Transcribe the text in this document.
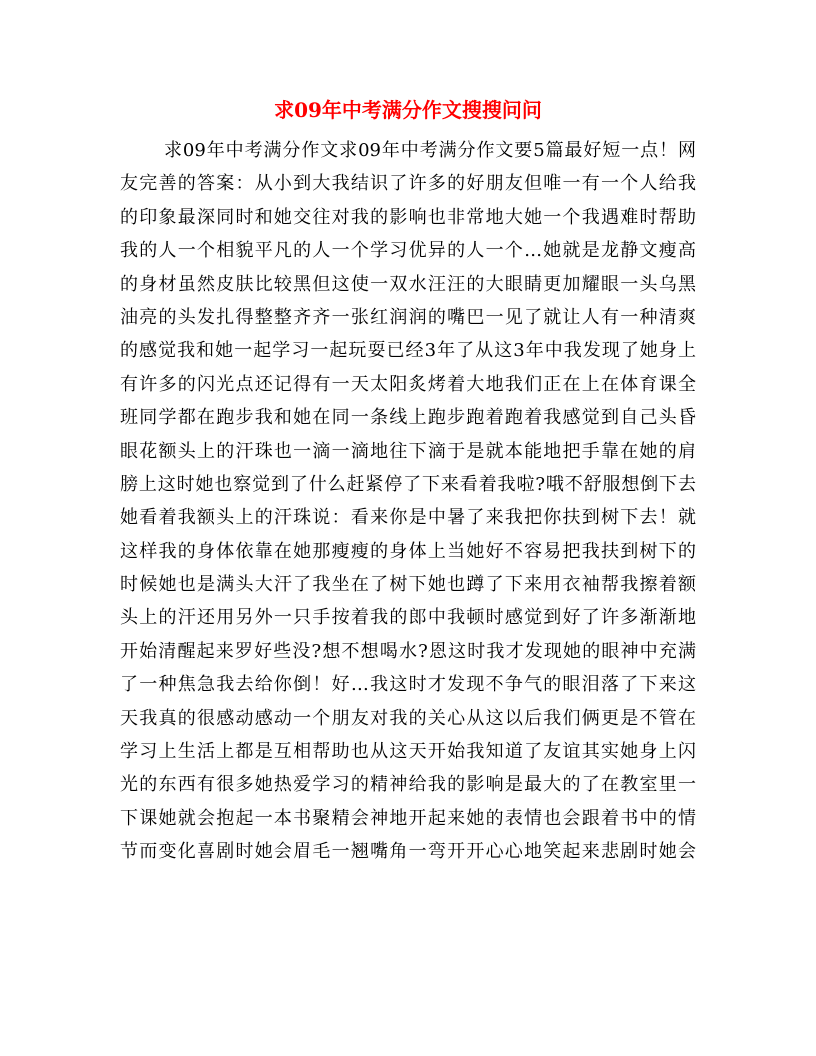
求09年中考满分作文搜搜问问
求09年中考满分作文求09年中考满分作文要5篇最好短一点！网
友完善的答案：从小到大我结识了许多的好朋友但唯一有一个人给我
的印象最深同时和她交往对我的影响也非常地大她一个我遇难时帮助
我的人一个相貌平凡的人一个学习优异的人一个…她就是龙静文瘦高
的身材虽然皮肤比较黑但这使一双水汪汪的大眼睛更加耀眼一头乌黑
油亮的头发扎得整整齐齐一张红润润的嘴巴一见了就让人有一种清爽
的感觉我和她一起学习一起玩耍已经3年了从这3年中我发现了她身上
有许多的闪光点还记得有一天太阳炙烤着大地我们正在上在体育课全
班同学都在跑步我和她在同一条线上跑步跑着跑着我感觉到自己头昏
眼花额头上的汗珠也一滴一滴地往下滴于是就本能地把手靠在她的肩
膀上这时她也察觉到了什么赶紧停了下来看着我啦?哦不舒服想倒下去
她看着我额头上的汗珠说：看来你是中暑了来我把你扶到树下去！就
这样我的身体依靠在她那瘦瘦的身体上当她好不容易把我扶到树下的
时候她也是满头大汗了我坐在了树下她也蹲了下来用衣袖帮我擦着额
头上的汗还用另外一只手按着我的郎中我顿时感觉到好了许多渐渐地
开始清醒起来罗好些没?想不想喝水?恩这时我才发现她的眼神中充满
了一种焦急我去给你倒！好…我这时才发现不争气的眼泪落了下来这
天我真的很感动感动一个朋友对我的关心从这以后我们俩更是不管在
学习上生活上都是互相帮助也从这天开始我知道了友谊其实她身上闪
光的东西有很多她热爱学习的精神给我的影响是最大的了在教室里一
下课她就会抱起一本书聚精会神地开起来她的表情也会跟着书中的情
节而变化喜剧时她会眉毛一翘嘴角一弯开开心心地笑起来悲剧时她会
